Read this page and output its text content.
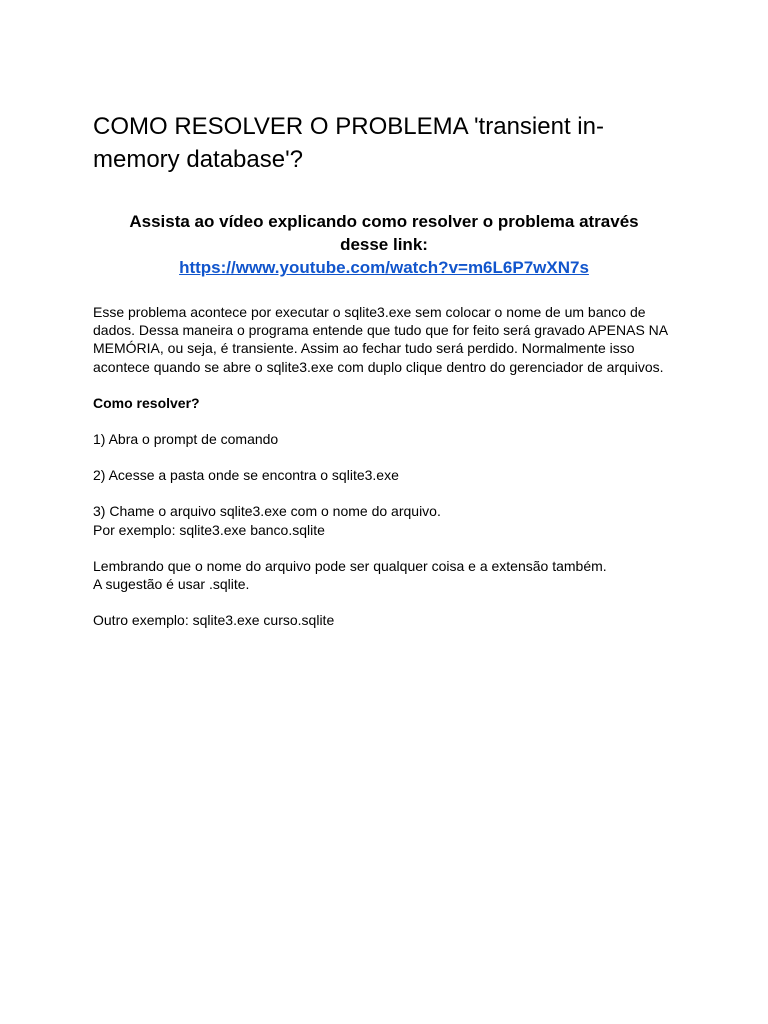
COMO RESOLVER O PROBLEMA 'transient in-memory database'?
Assista ao vídeo explicando como resolver o problema através
desse link:
https://www.youtube.com/watch?v=m6L6P7wXN7s

Esse problema acontece por executar o sqlite3.exe sem colocar o nome de um banco de dados. Dessa maneira o programa entende que tudo que for feito será gravado APENAS NA MEMÓRIA, ou seja, é transiente. Assim ao fechar tudo será perdido. Normalmente isso acontece quando se abre o sqlite3.exe com duplo clique dentro do gerenciador de arquivos.

Como resolver?

1) Abra o prompt de comando

2) Acesse a pasta onde se encontra o sqlite3.exe

3) Chame o arquivo sqlite3.exe com o nome do arquivo.
Por exemplo: sqlite3.exe banco.sqlite

Lembrando que o nome do arquivo pode ser qualquer coisa e a extensão também.
A sugestão é usar .sqlite.

Outro exemplo: sqlite3.exe curso.sqlite
